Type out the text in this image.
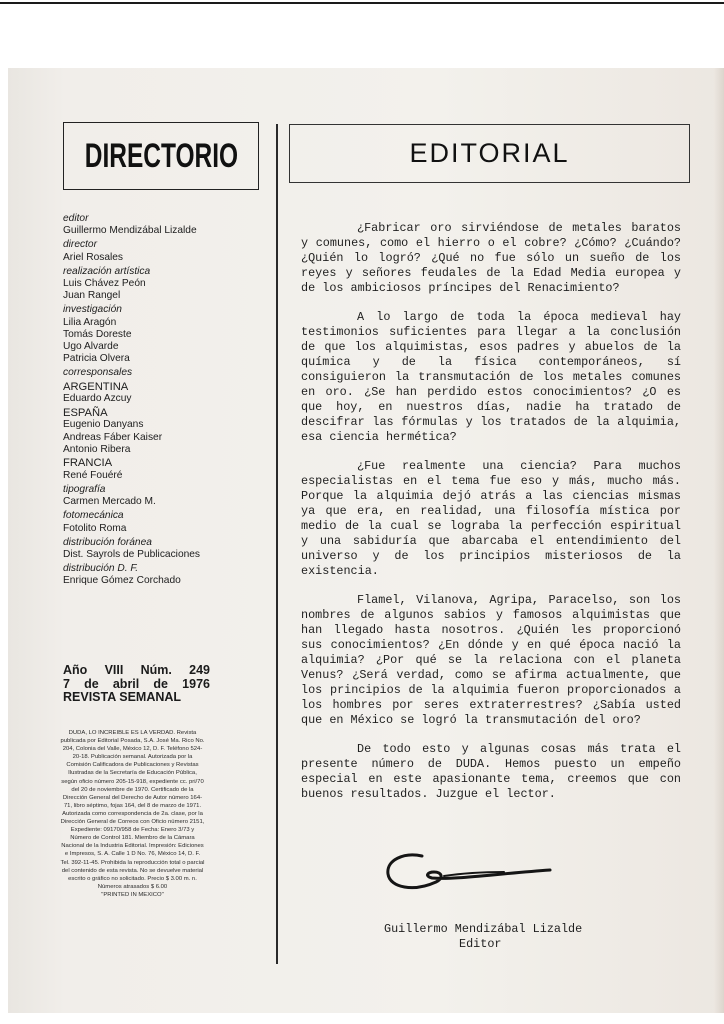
DIRECTORIO	EDITORIAL
editor
Guillermo Mendizábal Lizalde
director
Ariel Rosales
realización artística
Luis Chávez Peón
Juan Rangel
investigación
Lilia Aragón
Tomás Doreste
Ugo Alvarde
Patricia Olvera
corresponsales
ARGENTINA
Eduardo Azcuy
ESPAÑA
Eugenio Danyans
Andreas Fáber Kaiser
Antonio Ribera
FRANCIA
René Fouéré
tipografía
Carmen Mercado M.
fotomecánica
Fotolito Roma
distribución foránea
Dist. Sayrols de Publicaciones
distribución D. F.
Enrique Gómez Corchado
Año VIII Núm. 249
7 de abril de 1976
REVISTA SEMANAL
DUDA, LO INCREIBLE ES LA VERDAD. Revista publicada por Editorial Posada, S.A. José Ma. Rico No. 204, Colonia del Valle, México 12, D. F. Teléfono 524-20-18. Publicación semanal. Autorizada por la Comisión Calificadora de Publicaciones y Revistas Ilustradas de la Secretaría de Educación Pública, según oficio número 205-15-918, expediente cc. pri/70 del 20 de noviembre de 1970. Certificado de la Dirección General del Derecho de Autor número 164-71, libro séptimo, fojas 164, del 8 de marzo de 1971. Autorizada como correspondencia de 2a. clase, por la Dirección General de Correos con Oficio número 2151, Expediente: 09170/958 de Fecha: Enero 3/73 y Número de Control 181. Miembro de la Cámara Nacional de la Industria Editorial. Impresión: Ediciones e Impresos, S. A. Calle 1 D No. 76, México 14, D. F. Tel. 392-11-45. Prohibida la reproducción total o parcial del contenido de esta revista. No se devuelve material escrito o gráfico no solicitado. Precio $ 3.00 m. n. Números atrasados $ 6.00
"PRINTED IN MEXICO"

¿Fabricar oro sirviéndose de metales baratos y comunes, como el hierro o el cobre? ¿Cómo? ¿Cuándo? ¿Quién lo logró? ¿Qué no fue sólo un sueño de los reyes y señores feudales de la Edad Media europea y de los ambiciosos príncipes del Renacimiento?

A lo largo de toda la época medieval hay testimonios suficientes para llegar a la conclusión de que los alquimistas, esos padres y abuelos de la química y de la física contemporáneos, sí consiguieron la transmutación de los metales comunes en oro. ¿Se han perdido estos conocimientos? ¿O es que hoy, en nuestros días, nadie ha tratado de descifrar las fórmulas y los tratados de la alquimia, esa ciencia hermética?

¿Fue realmente una ciencia? Para muchos especialistas en el tema fue eso y más, mucho más. Porque la alquimia dejó atrás a las ciencias mismas ya que era, en realidad, una filosofía mística por medio de la cual se lograba la perfección espiritual y una sabiduría que abarcaba el entendimiento del universo y de los principios misteriosos de la existencia.

Flamel, Vilanova, Agripa, Paracelso, son los nombres de algunos sabios y famosos alquimistas que han llegado hasta nosotros. ¿Quién les proporcionó sus conocimientos? ¿En dónde y en qué época nació la alquimia? ¿Por qué se la relaciona con el planeta Venus? ¿Será verdad, como se afirma actualmente, que los principios de la alquimia fueron proporcionados a los hombres por seres extraterrestres? ¿Sabía usted que en México se logró la transmutación del oro?

De todo esto y algunas cosas más trata el presente número de DUDA. Hemos puesto un empeño especial en este apasionante tema, creemos que con buenos resultados. Juzgue el lector.

Guillermo Mendizábal Lizalde
Editor
